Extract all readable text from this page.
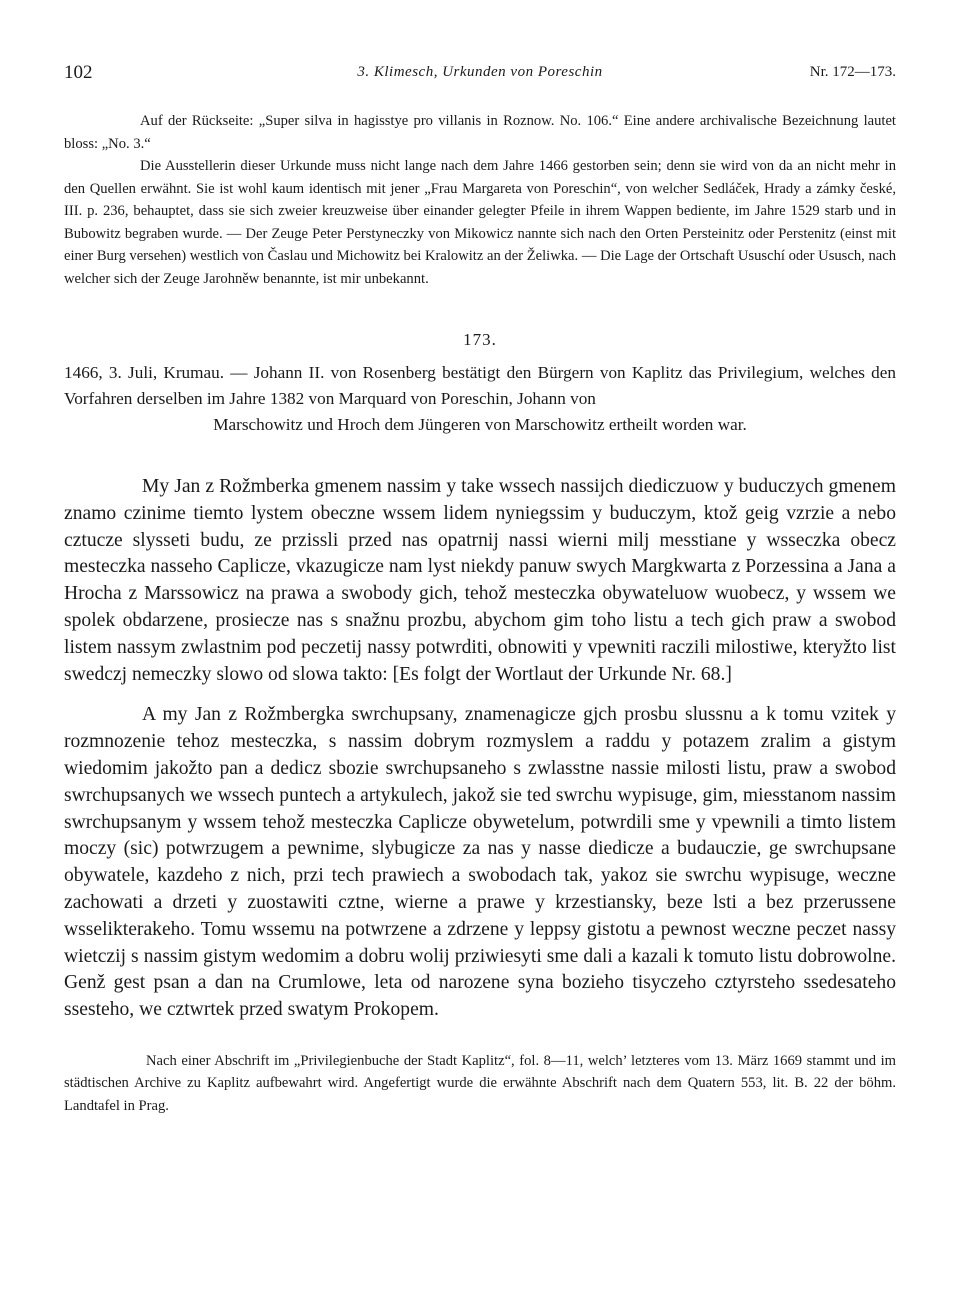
102	3. Klimesch, Urkunden von Poreschin	Nr. 172—173.

Auf der Rückseite: „Super silva in hagisstye pro villanis in Roznow. No. 106.“ Eine andere archivalische Bezeichnung lautet bloss: „No. 3.“

Die Ausstellerin dieser Urkunde muss nicht lange nach dem Jahre 1466 gestorben sein; denn sie wird von da an nicht mehr in den Quellen erwähnt. Sie ist wohl kaum identisch mit jener „Frau Margareta von Poreschin“, von welcher Sedláček, Hrady a zámky české, III. p. 236, behauptet, dass sie sich zweier kreuzweise über einander gelegter Pfeile in ihrem Wappen bediente, im Jahre 1529 starb und in Bubowitz begraben wurde. — Der Zeuge Peter Perstyneczky von Mikowicz nannte sich nach den Orten Persteinitz oder Perstenitz (einst mit einer Burg versehen) westlich von Časlau und Michowitz bei Kralowitz an der Želiwka. — Die Lage der Ortschaft Ususchí oder Ususch, nach welcher sich der Zeuge Jarohněw benannte, ist mir unbekannt.

173.

1466, 3. Juli, Krumau. — Johann II. von Rosenberg bestätigt den Bürgern von Kaplitz das Privilegium, welches den Vorfahren derselben im Jahre 1382 von Marquard von Poreschin, Johann von
Marschowitz und Hroch dem Jüngeren von Marschowitz ertheilt worden war.

My Jan z Rožmberka gmenem nassim y take wssech nassijch diediczuow y buduczych gmenem znamo czinime tiemto lystem obeczne wssem lidem nyniegssim y buduczym, ktož geig vzrzie a nebo cztucze slysseti budu, ze przissli przed nas opatrnij nassi wierni milj messtiane y wsseczka obecz mesteczka nasseho Caplicze, vkazugicze nam lyst niekdy panuw swych Margkwarta z Porzessina a Jana a Hrocha z Marssowicz na prawa a swobody gich, tehož mesteczka obywateluow wuobecz, y wssem we spolek obdarzene, prosiecze nas s snažnu prozbu, abychom gim toho listu a tech gich praw a swobod listem nassym zwlastnim pod peczetij nassy potwrditi, obnowiti y vpewniti raczili milostiwe, kteryžto list swedczj nemeczky slowo od slowa takto: [Es folgt der Wortlaut der Urkunde Nr. 68.]

A my Jan z Rožmbergka swrchupsany, znamenagicze gjch prosbu slussnu a k tomu vzitek y rozmnozenie tehoz mesteczka, s nassim dobrym rozmyslem a raddu y potazem zralim a gistym wiedomim jakožto pan a dedicz sbozie swrchupsaneho s zwlasstne nassie milosti listu, praw a swobod swrchupsanych we wssech puntech a artykulech, jakož sie ted swrchu wypisuge, gim, miesstanom nassim swrchupsanym y wssem tehož mesteczka Caplicze obywetelum, potwrdili sme y vpewnili a timto listem moczy (sic) potwrzugem a pewnime, slybugicze za nas y nasse diedicze a budauczie, ge swrchupsane obywatele, kazdeho z nich, przi tech prawiech a swobodach tak, yakoz sie swrchu wypisuge, weczne zachowati a drzeti y zuostawiti cztne, wierne a prawe y krzestiansky, beze lsti a bez przerussene wsselikterakeho. Tomu wssemu na potwrzene a zdrzene y leppsy gistotu a pewnost weczne peczet nassy wietczij s nassim gistym wedomim a dobru wolij prziwiesyti sme dali a kazali k tomuto listu dobrowolne. Genž gest psan a dan na Crumlowe, leta od narozene syna bozieho tisyczeho cztyrsteho ssedesateho ssesteho, we cztwrtek przed swatym Prokopem.

Nach einer Abschrift im „Privilegienbuche der Stadt Kaplitz“, fol. 8—11, welch’ letzteres vom 13. März 1669 stammt und im städtischen Archive zu Kaplitz aufbewahrt wird. Angefertigt wurde die erwähnte Abschrift nach dem Quatern 553, lit. B. 22 der böhm. Landtafel in Prag.
